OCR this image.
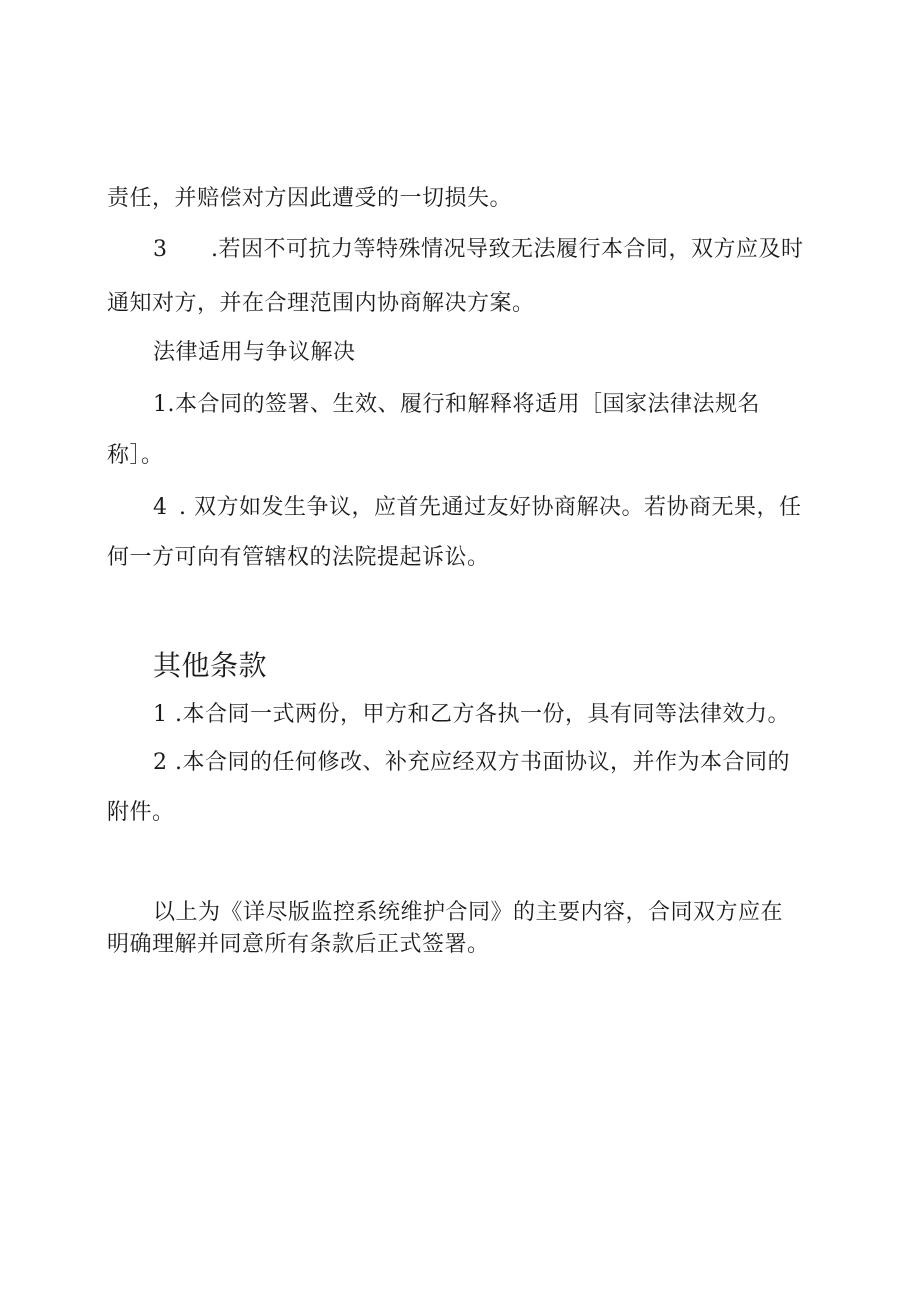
责任，并赔偿对方因此遭受的一切损失。
3 .若因不可抗力等特殊情况导致无法履行本合同，双方应及时
通知对方，并在合理范围内协商解决方案。
法律适用与争议解决
1.本合同的签署、生效、履行和解释将适用［国家法律法规名
称］。
4 . 双方如发生争议，应首先通过友好协商解决。若协商无果，任
何一方可向有管辖权的法院提起诉讼。
其他条款
1 .本合同一式两份，甲方和乙方各执一份，具有同等法律效力。
2 .本合同的任何修改、补充应经双方书面协议，并作为本合同的
附件。
以上为《详尽版监控系统维护合同》的主要内容，合同双方应在
明确理解并同意所有条款后正式签署。
